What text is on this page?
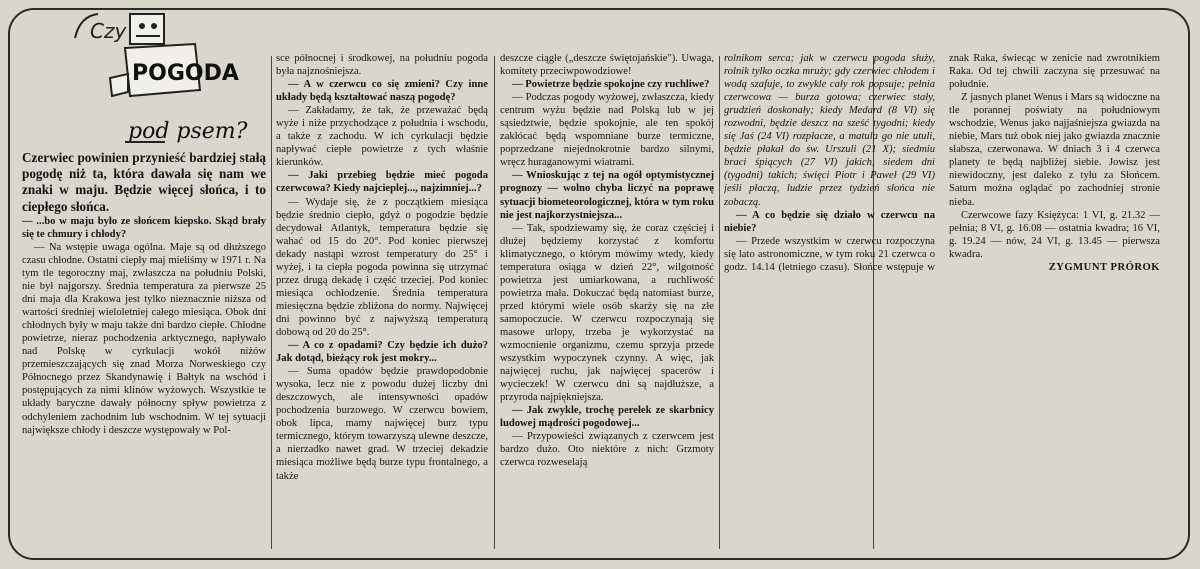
Czy
POGODA
pod psem?

Czerwiec powinien przynieść bardziej stałą pogodę niż ta, która dawała się nam we znaki w maju. Będzie więcej słońca, i to ciepłego słońca.

— ...bo w maju było ze słońcem kiepsko. Skąd brały się te chmury i chłody?

— Na wstępie uwaga ogólna. Maje są od dłuższego czasu chłodne. Ostatni ciepły maj mieliśmy w 1971 r. Na tym tle tegoroczny maj, zwłaszcza na południu Polski, nie był najgorszy. Średnia temperatura za pierwsze 25 dni maja dla Krakowa jest tylko nieznacznie niższa od wartości średniej wieloletniej całego miesiąca. Obok dni chłodnych były w maju także dni bardzo ciepłe. Chłodne powietrze, nieraz pochodzenia arktycznego, napływało nad Polskę w cyrkulacji wokół niżów przemieszczających się znad Morza Norweskiego czy Północnego przez Skandynawię i Bałtyk na wschód i postępujących za nimi klinów wyżowych. Wszystkie te układy baryczne dawały północny spływ powietrza z odchyleniem zachodnim lub wschodnim. W tej sytuacji największe chłody i deszcze występowały w Pol-

sce północnej i środkowej, na południu pogoda była najznośniejsza.

— A w czerwcu co się zmieni? Czy inne układy będą kształtować naszą pogodę?

— Zakładamy, że tak, że przeważać będą wyże i niże przychodzące z południa i wschodu, a także z zachodu. W ich cyrkulacji będzie napływać ciepłe powietrze z tych właśnie kierunków.

— Jaki przebieg będzie mieć pogoda czerwcowa? Kiedy najcieplej..., najzimniej...?

— Wydaje się, że z początkiem miesiąca będzie średnio ciepło, gdyż o pogodzie będzie decydował Atlantyk, temperatura będzie się wahać od 15 do 20°. Pod koniec pierwszej dekady nastąpi wzrost temperatury do 25° i wyżej, i ta ciepła pogoda powinna się utrzymać przez drugą dekadę i część trzeciej. Pod koniec miesiąca ochłodzenie. Średnia temperatura miesięczna będzie zbliżona do normy. Najwięcej dni powinno być z najwyższą temperaturą dobową od 20 do 25°.

— A co z opadami? Czy będzie ich dużo? Jak dotąd, bieżący rok jest mokry...

— Suma opadów będzie prawdopodobnie wysoka, lecz nie z powodu dużej liczby dni deszczowych, ale intensywności opadów pochodzenia burzowego. W czerwcu bowiem, obok lipca, mamy najwięcej burz typu termicznego, którym towarzyszą ulewne deszcze, a nierzadko nawet grad. W trzeciej dekadzie miesiąca możliwe będą burze typu frontalnego, a także

deszcze ciągłe („deszcze świętojańskie"). Uwaga, komitety przeciwpowodziowe!

— Powietrze będzie spokojne czy ruchliwe?

— Podczas pogody wyżowej, zwłaszcza, kiedy centrum wyżu będzie nad Polską lub w jej sąsiedztwie, będzie spokojnie, ale ten spokój zakłócać będą wspomniane burze termiczne, poprzedzane niejednokrotnie bardzo silnymi, wręcz huraganowymi wiatrami.

— Wnioskując z tej na ogół optymistycznej prognozy — wolno chyba liczyć na poprawę sytuacji biometeorologicznej, która w tym roku nie jest najkorzystniejsza...

— Tak, spodziewamy się, że coraz częściej i dłużej będziemy korzystać z komfortu klimatycznego, o którym mówimy wtedy, kiedy temperatura osiąga w dzień 22°, wilgotność powietrza jest umiarkowana, a ruchliwość powietrza mała. Dokuczać będą natomiast burze, przed którymi wiele osób skarży się na złe samopoczucie. W czerwcu rozpoczynają się masowe urlopy, trzeba je wykorzystać na wzmocnienie organizmu, czemu sprzyja przede wszystkim wypoczynek czynny. A więc, jak najwięcej ruchu, jak najwięcej spacerów i wycieczek! W czerwcu dni są najdłuższe, a przyroda najpiękniejsza.

— Jak zwykle, trochę perełek ze skarbnicy ludowej mądrości pogodowej...

— Przypowieści związanych z czerwcem jest bardzo dużo. Oto niektóre z nich: Grzmoty czerwca rozweselają

rolnikom serca; jak w czerwcu pogoda służy, rolnik tylko oczka mruży; gdy czerwiec chłodem i wodą szafuje, to zwykle cały rok popsuje; pełnia czerwcowa — burza gotowa; czerwiec stały, grudzień doskonały; kiedy Medard (8 VI) się rozwodni, będzie deszcz na sześć tygodni; kiedy się Jaś (24 VI) rozpłacze, a matula go nie utuli, będzie płakał do św. Urszuli (21 X); siedmiu braci śpiących (27 VI) jakich, siedem dni (tygodni) takich; święci Piotr i Paweł (29 VI) jeśli płaczą, ludzie przez tydzień słońca nie zobaczą.

— A co będzie się działo w czerwcu na niebie?

— Przede wszystkim w czerwcu rozpoczyna się lato astronomiczne, w tym roku 21 czerwca o godz. 14.14 (letniego czasu). Słońce wstępuje w znak Raka, świecąc w zenicie nad zwrotnikiem Raka. Od tej chwili zaczyna się przesuwać na południe.

Z jasnych planet Wenus i Mars są widoczne na tle porannej poświaty na południowym wschodzie, Wenus jako najjaśniejsza gwiazda na niebie, Mars tuż obok niej jako gwiazda znacznie słabsza, czerwonawa. W dniach 3 i 4 czerwca planety te będą najbliżej siebie. Jowisz jest niewidoczny, jest daleko z tyłu za Słońcem. Saturn można oglądać po zachodniej stronie nieba.

Czerwcowe fazy Księżyca: 1 VI, g. 21.32 — pełnia; 8 VI, g. 16.08 — ostatnia kwadra; 16 VI, g. 19.24 — nów, 24 VI, g. 13.45 — pierwsza kwadra.

ZYGMUNT PRÓROK
